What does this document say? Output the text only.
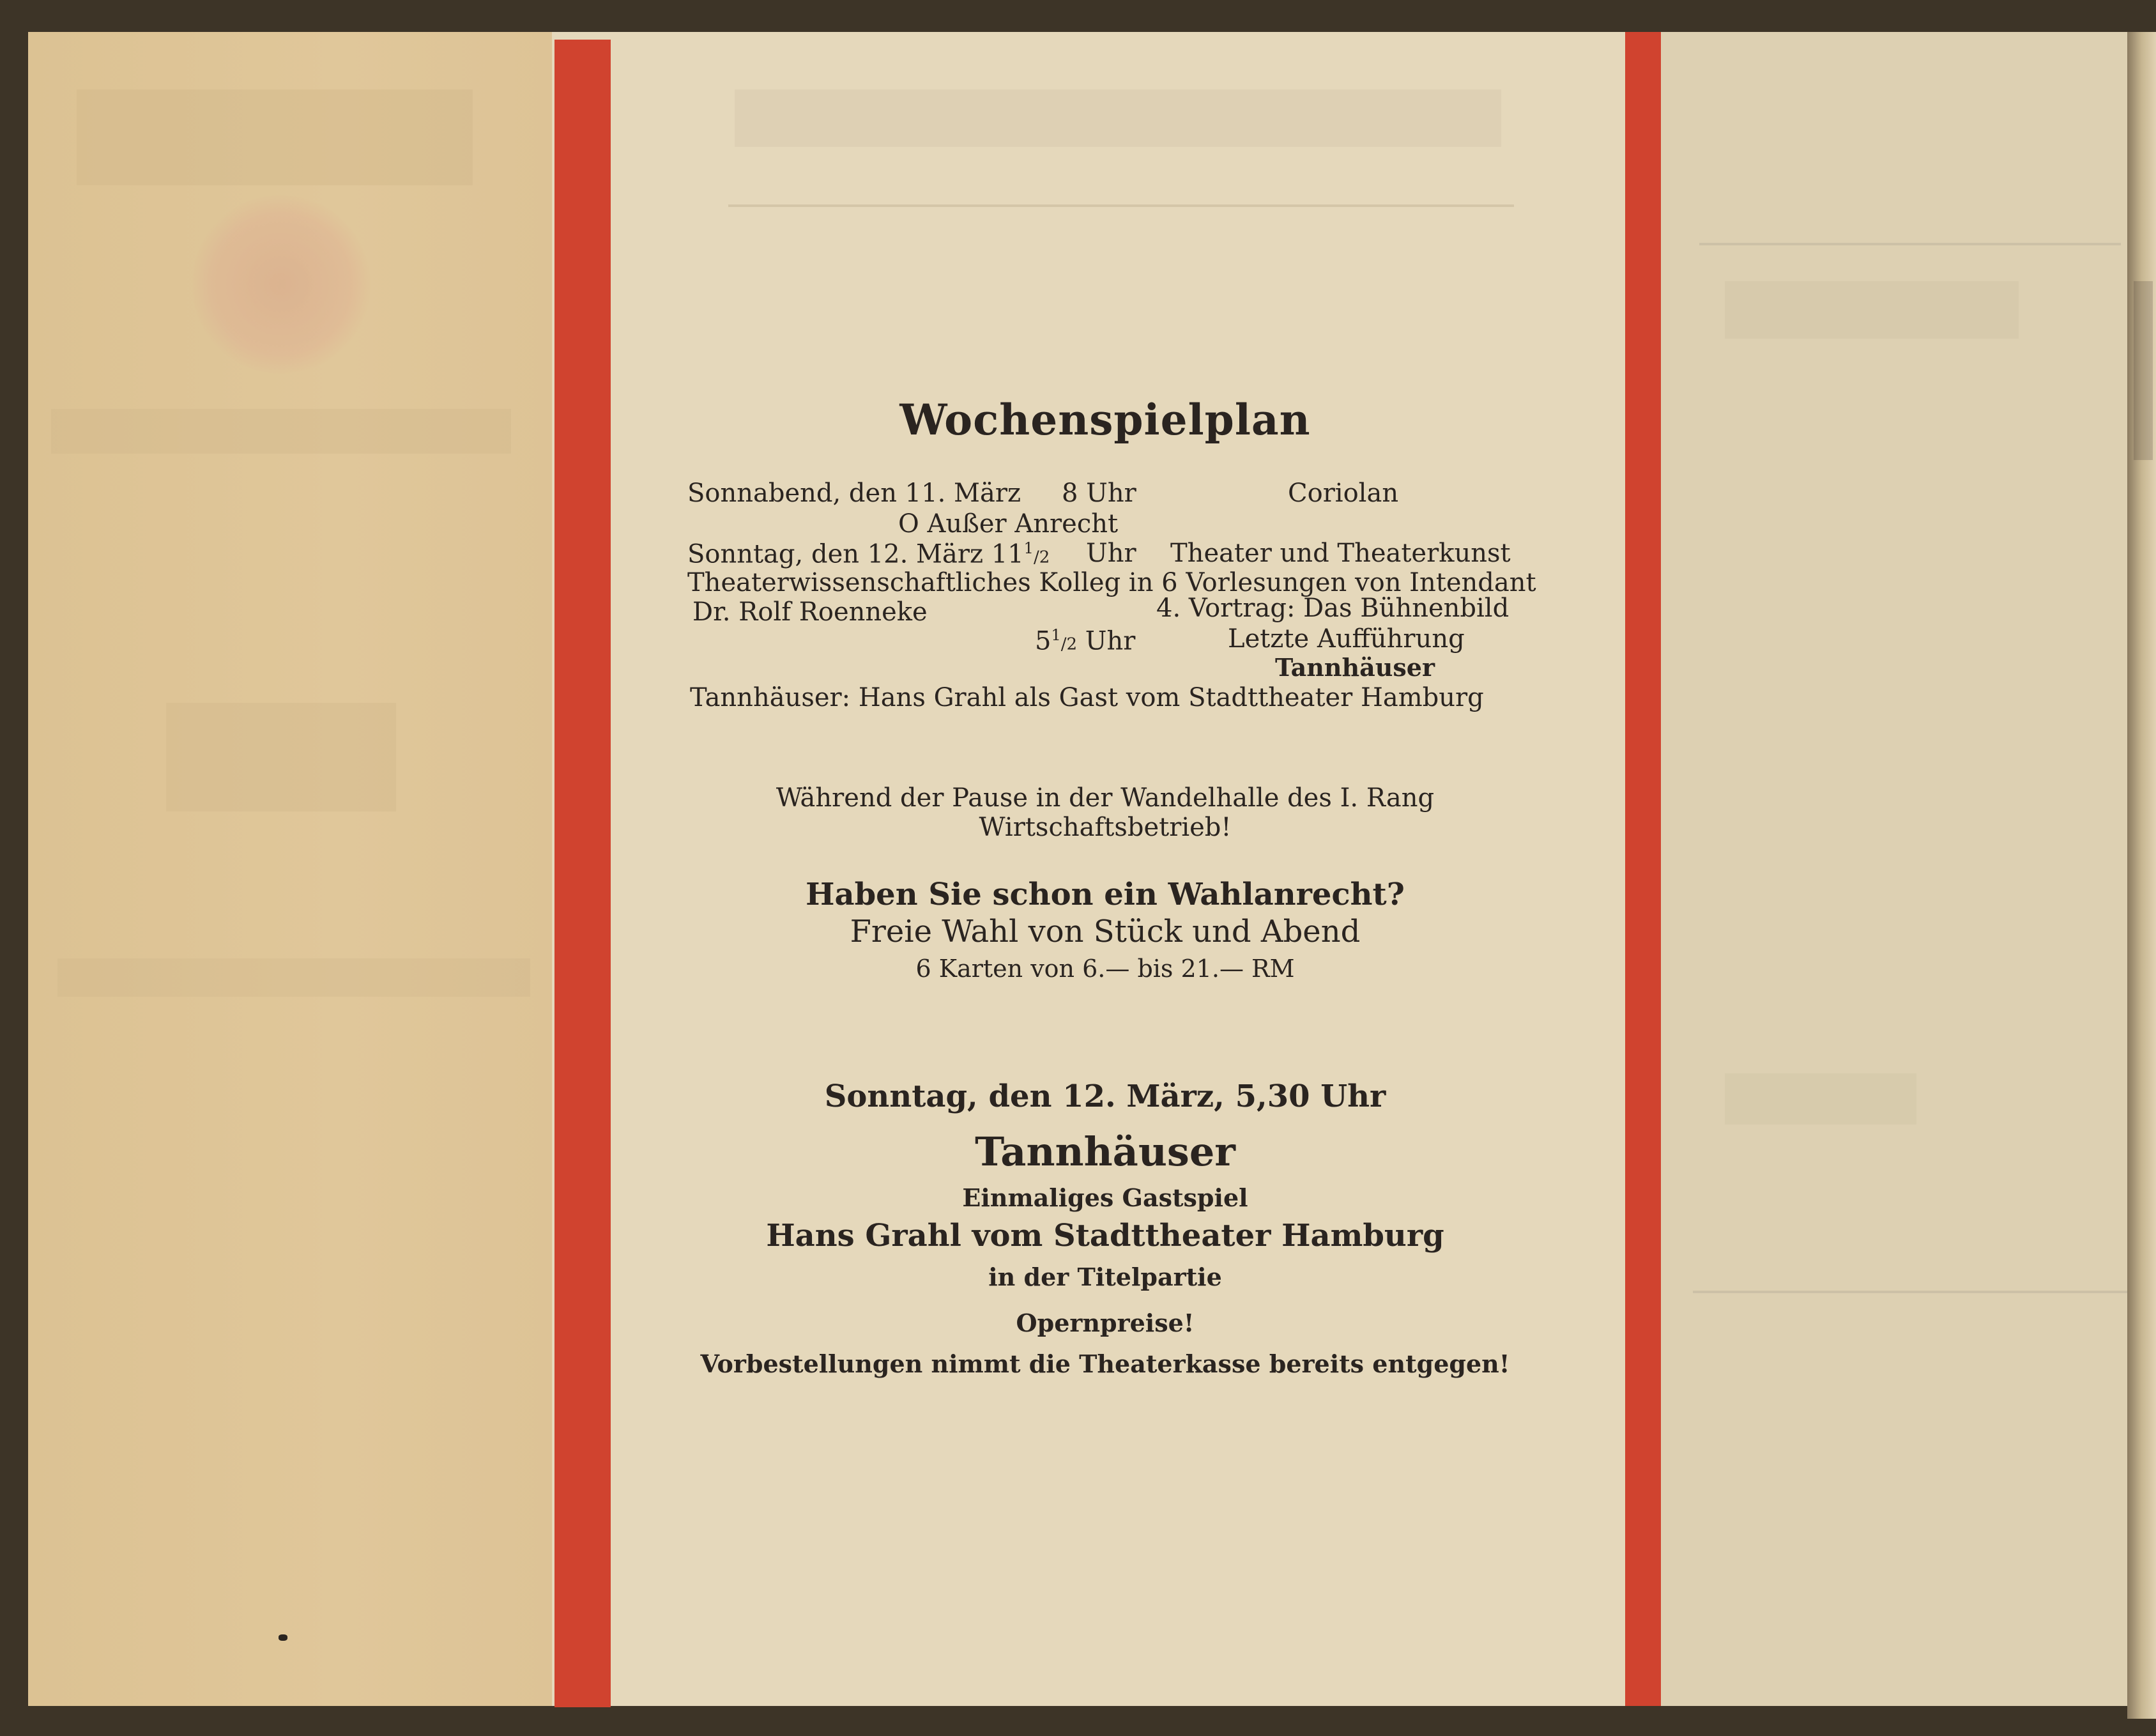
Wochenspielplan
Sonnabend, den 11. März 8 Uhr	Coriolan
O Außer Anrecht
Sonntag, den 12. März $11^1/2$ Uhr Theater und Theaterkunst
Theaterwissenschaftliches Kolleg in 6 Vorlesungen von Intendant
Dr. Rolf Roenneke	4. Vortrag: Das Bühnenbild
$5^1/2$ Uhr	Letzte Aufführung
Tannhäuser
Tannhäuser: Hans Grahl als Gast vom Stadttheater Hamburg
Während der Pause in der Wandelhalle des I. Rang
Wirtschaftsbetrieb!
Haben Sie schon ein Wahlanrecht?
Freie Wahl von Stück und Abend
6 Karten von 6.— bis 21.— RM
Sonntag, den 12. März, 5,30 Uhr
Tannhäuser
Einmaliges Gastspiel
Hans Grahl vom Stadttheater Hamburg
in der Titelpartie
Opernpreise!
Vorbestellungen nimmt die Theaterkasse bereits entgegen!
